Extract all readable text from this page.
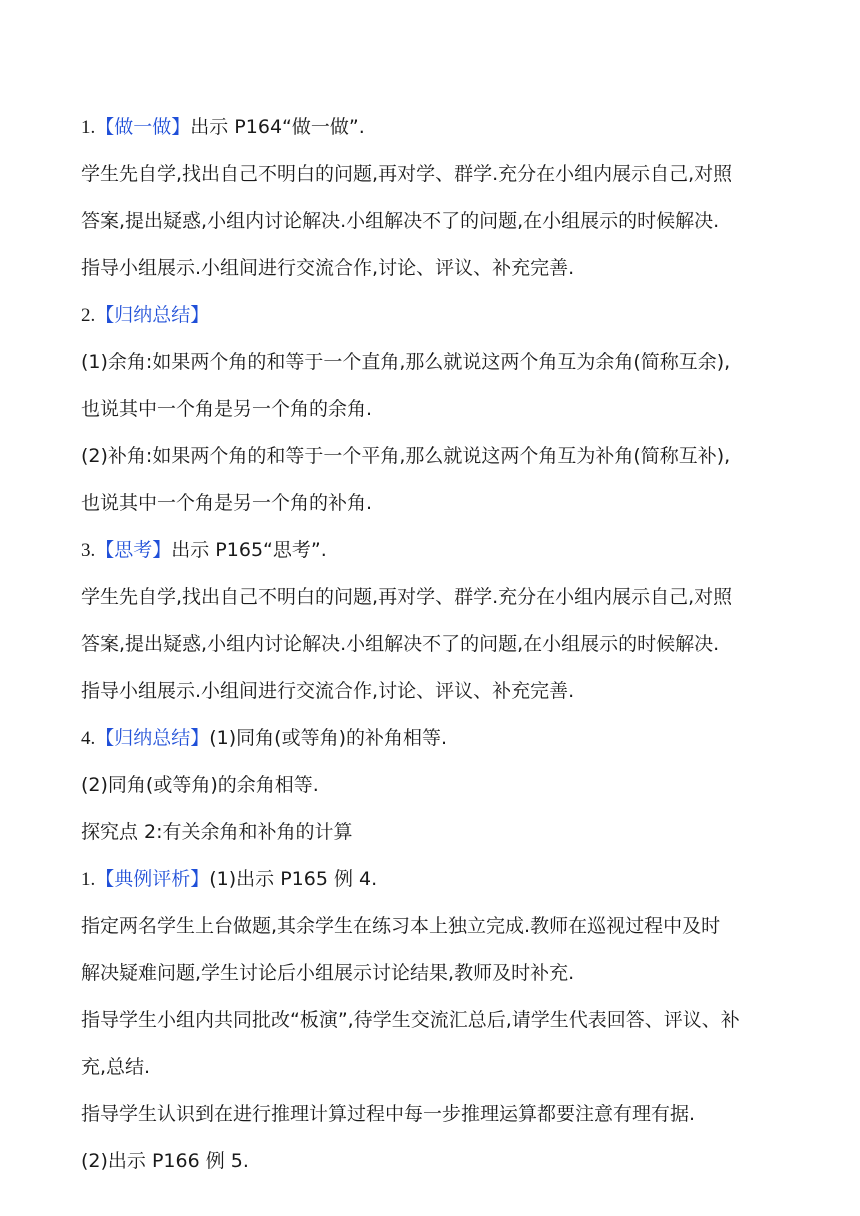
1.【做一做】出示 P164“做一做”.
学生先自学,找出自己不明白的问题,再对学、群学.充分在小组内展示自己,对照
答案,提出疑惑,小组内讨论解决.小组解决不了的问题,在小组展示的时候解决.
指导小组展示.小组间进行交流合作,讨论、评议、补充完善.
2.【归纳总结】
(1)余角:如果两个角的和等于一个直角,那么就说这两个角互为余角(简称互余),
也说其中一个角是另一个角的余角.
(2)补角:如果两个角的和等于一个平角,那么就说这两个角互为补角(简称互补),
也说其中一个角是另一个角的补角.
3.【思考】出示 P165“思考”.
学生先自学,找出自己不明白的问题,再对学、群学.充分在小组内展示自己,对照
答案,提出疑惑,小组内讨论解决.小组解决不了的问题,在小组展示的时候解决.
指导小组展示.小组间进行交流合作,讨论、评议、补充完善.
4.【归纳总结】(1)同角(或等角)的补角相等.
(2)同角(或等角)的余角相等.
探究点 2:有关余角和补角的计算
1.【典例评析】(1)出示 P165 例 4.
指定两名学生上台做题,其余学生在练习本上独立完成.教师在巡视过程中及时
解决疑难问题,学生讨论后小组展示讨论结果,教师及时补充.
指导学生小组内共同批改“板演”,待学生交流汇总后,请学生代表回答、评议、补
充,总结.
指导学生认识到在进行推理计算过程中每一步推理运算都要注意有理有据.
(2)出示 P166 例 5.
